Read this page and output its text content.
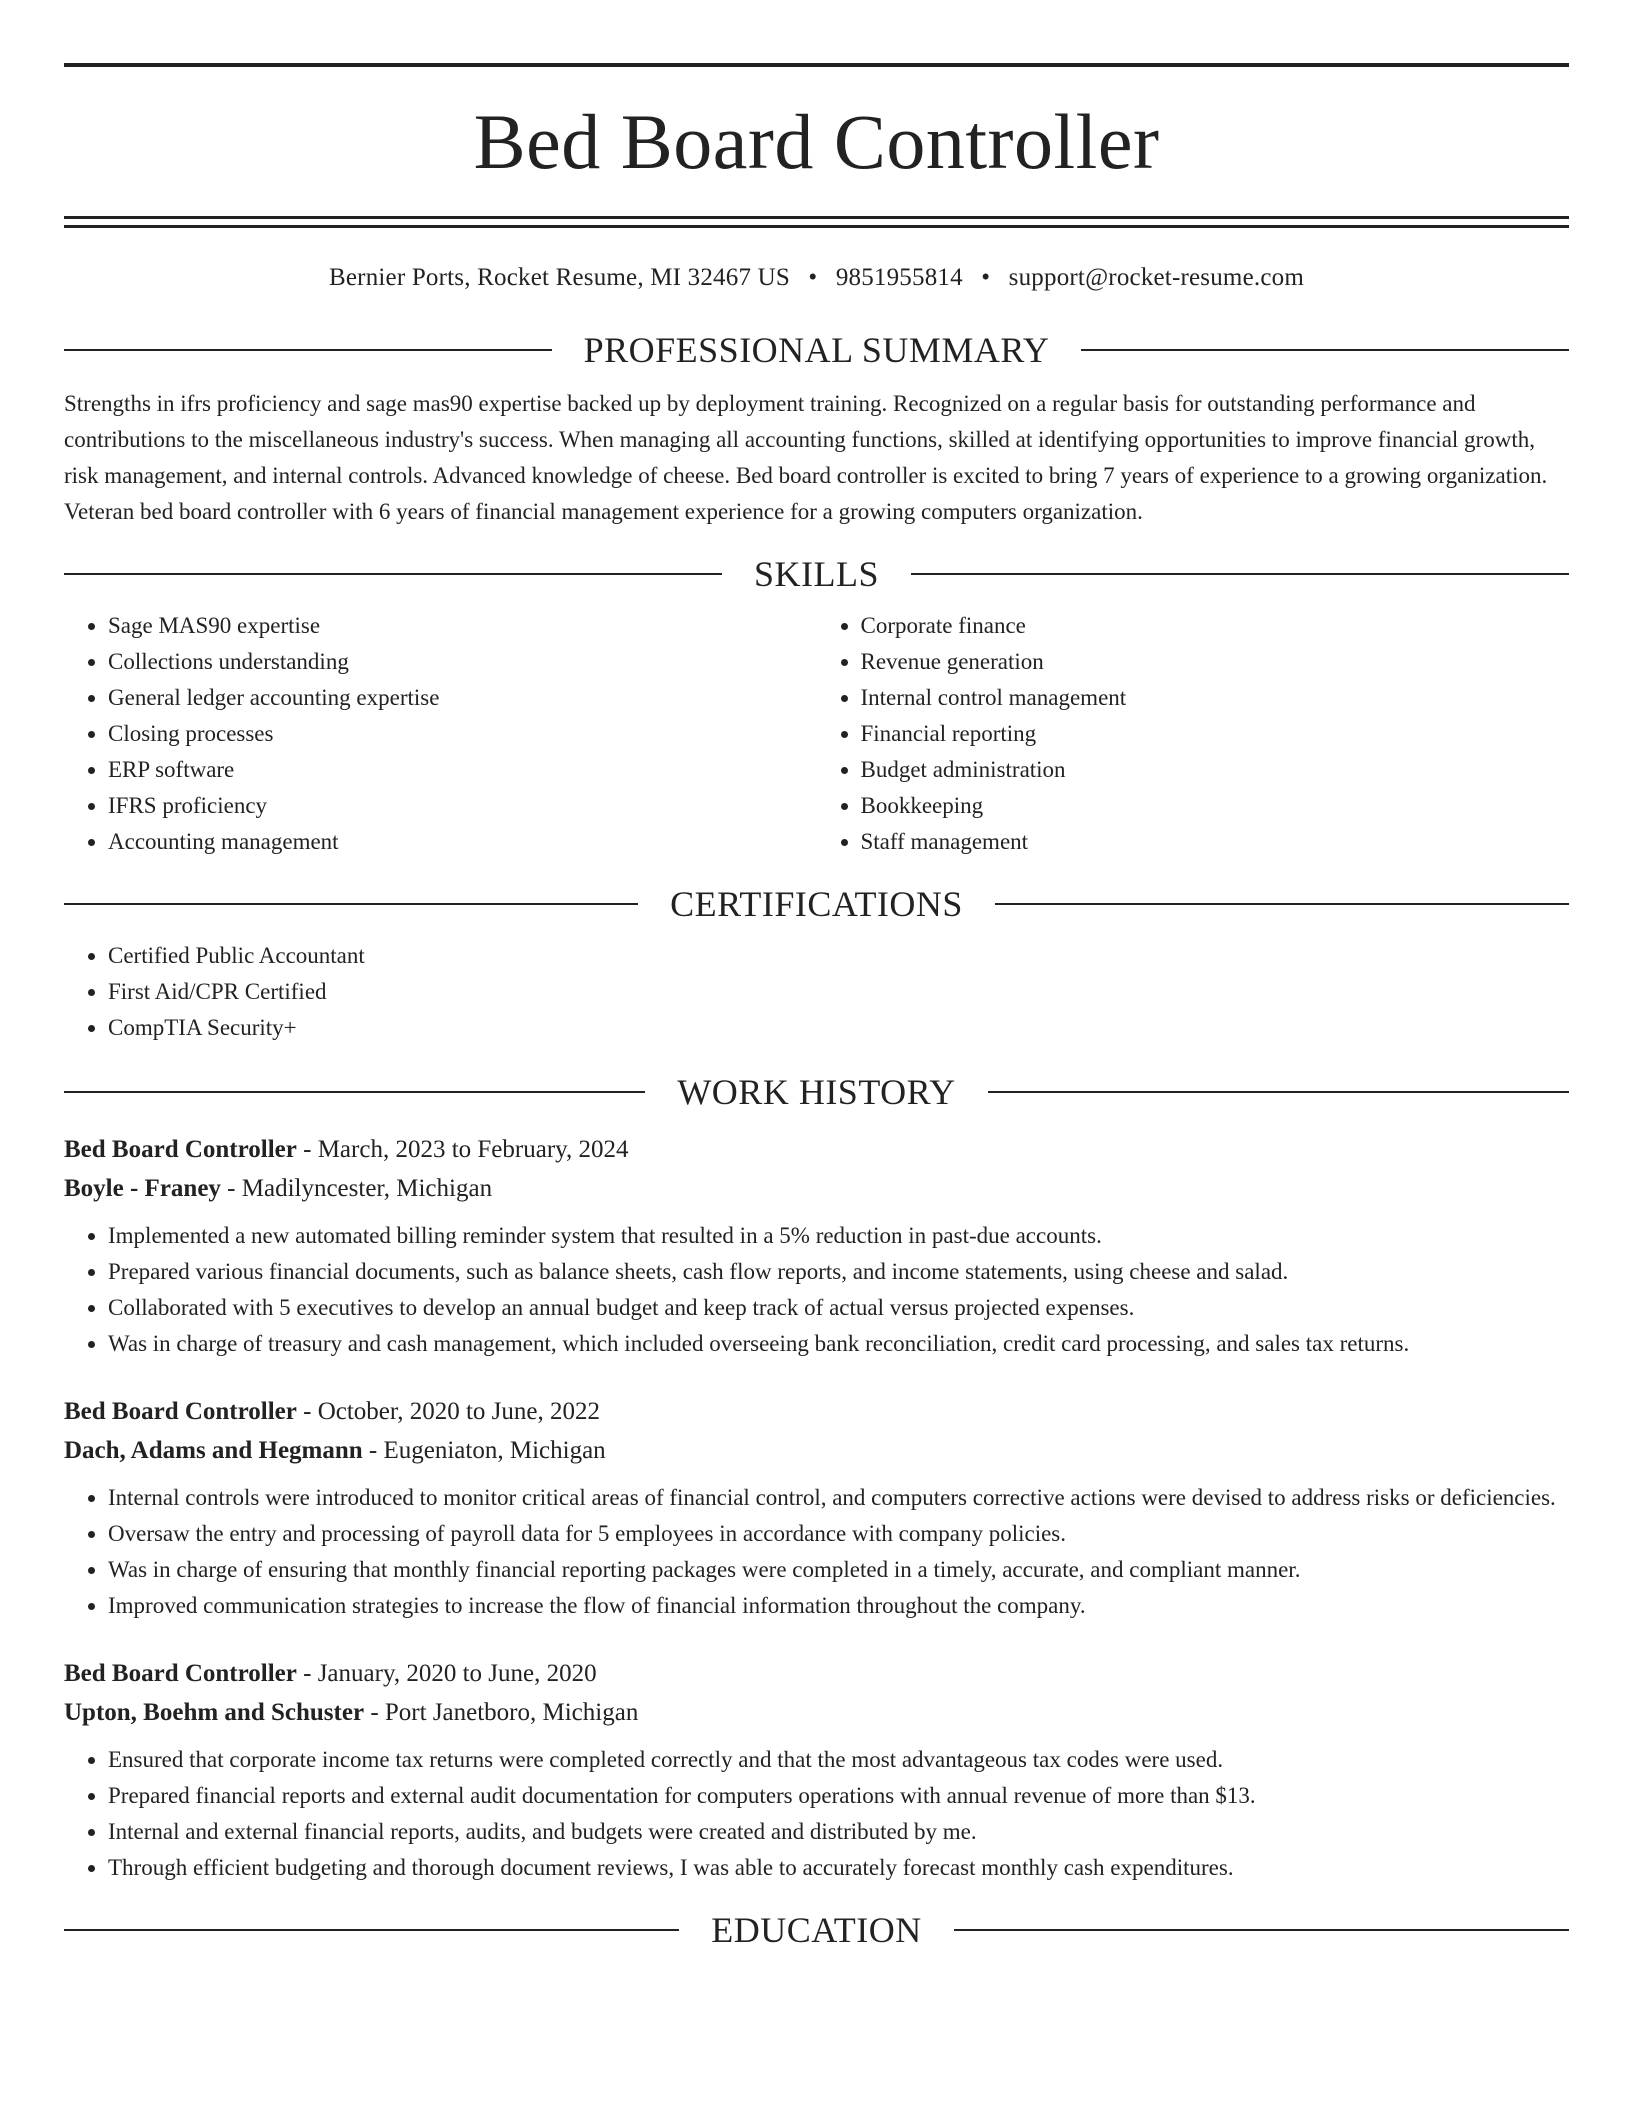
Bed Board Controller
Bernier Ports, Rocket Resume, MI 32467 US • 9851955814 • support@rocket-resume.com
PROFESSIONAL SUMMARY

Strengths in ifrs proficiency and sage mas90 expertise backed up by deployment training. Recognized on a regular basis for outstanding performance and contributions to the miscellaneous industry's success. When managing all accounting functions, skilled at identifying opportunities to improve financial growth, risk management, and internal controls. Advanced knowledge of cheese. Bed board controller is excited to bring 7 years of experience to a growing organization. Veteran bed board controller with 6 years of financial management experience for a growing computers organization.

SKILLS
• Sage MAS90 expertise
• Collections understanding
• General ledger accounting expertise
• Closing processes
• ERP software
• IFRS proficiency
• Accounting management
• Corporate finance
• Revenue generation
• Internal control management
• Financial reporting
• Budget administration
• Bookkeeping
• Staff management
CERTIFICATIONS
• Certified Public Accountant
• First Aid/CPR Certified
• CompTIA Security+
WORK HISTORY
Bed Board Controller - March, 2023 to February, 2024
Boyle - Franey - Madilyncester, Michigan
• Implemented a new automated billing reminder system that resulted in a 5% reduction in past-due accounts.
• Prepared various financial documents, such as balance sheets, cash flow reports, and income statements, using cheese and salad.
• Collaborated with 5 executives to develop an annual budget and keep track of actual versus projected expenses.
• Was in charge of treasury and cash management, which included overseeing bank reconciliation, credit card processing, and sales tax returns.
Bed Board Controller - October, 2020 to June, 2022
Dach, Adams and Hegmann - Eugeniaton, Michigan
• Internal controls were introduced to monitor critical areas of financial control, and computers corrective actions were devised to address risks or deficiencies.
• Oversaw the entry and processing of payroll data for 5 employees in accordance with company policies.
• Was in charge of ensuring that monthly financial reporting packages were completed in a timely, accurate, and compliant manner.
• Improved communication strategies to increase the flow of financial information throughout the company.
Bed Board Controller - January, 2020 to June, 2020
Upton, Boehm and Schuster - Port Janetboro, Michigan
• Ensured that corporate income tax returns were completed correctly and that the most advantageous tax codes were used.
• Prepared financial reports and external audit documentation for computers operations with annual revenue of more than $13.
• Internal and external financial reports, audits, and budgets were created and distributed by me.
• Through efficient budgeting and thorough document reviews, I was able to accurately forecast monthly cash expenditures.
EDUCATION
